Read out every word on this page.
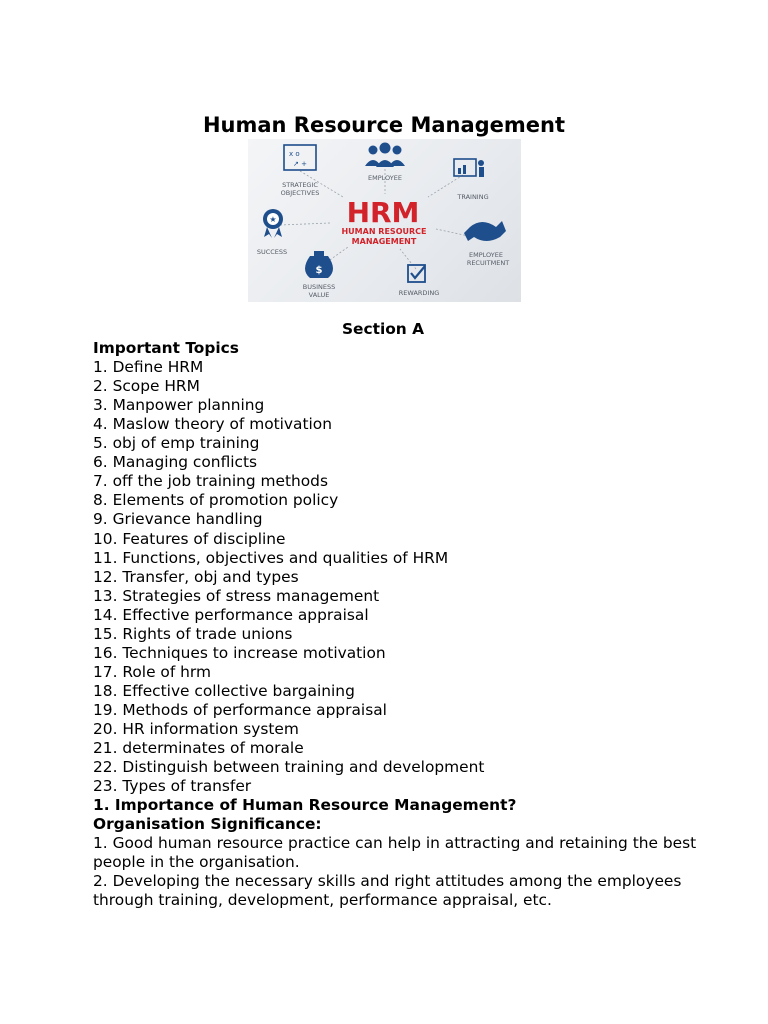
Human Resource Management
x o
↗ +
STRATEGIC
OBJECTIVES
EMPLOYEE
TRAINING
★
SUCCESS
HRM
HUMAN RESOURCE
MANAGEMENT
EMPLOYEE
RECUITMENT
$
BUSINESS
VALUE	REWARDING
Section A
Important Topics
1. Define HRM
2. Scope HRM
3. Manpower planning
4. Maslow theory of motivation
5. obj of emp training
6. Managing conflicts
7. off the job training methods
8. Elements of promotion policy
9. Grievance handling
10. Features of discipline
11. Functions, objectives and qualities of HRM
12. Transfer, obj and types
13. Strategies of stress management
14. Effective performance appraisal
15. Rights of trade unions
16. Techniques to increase motivation
17. Role of hrm
18. Effective collective bargaining
19. Methods of performance appraisal
20. HR information system
21. determinates of morale
22. Distinguish between training and development
23. Types of transfer
1. Importance of Human Resource Management?
Organisation Significance:
1. Good human resource practice can help in attracting and retaining the best people in the organisation.
2. Developing the necessary skills and right attitudes among the employees through training, development, performance appraisal, etc.
